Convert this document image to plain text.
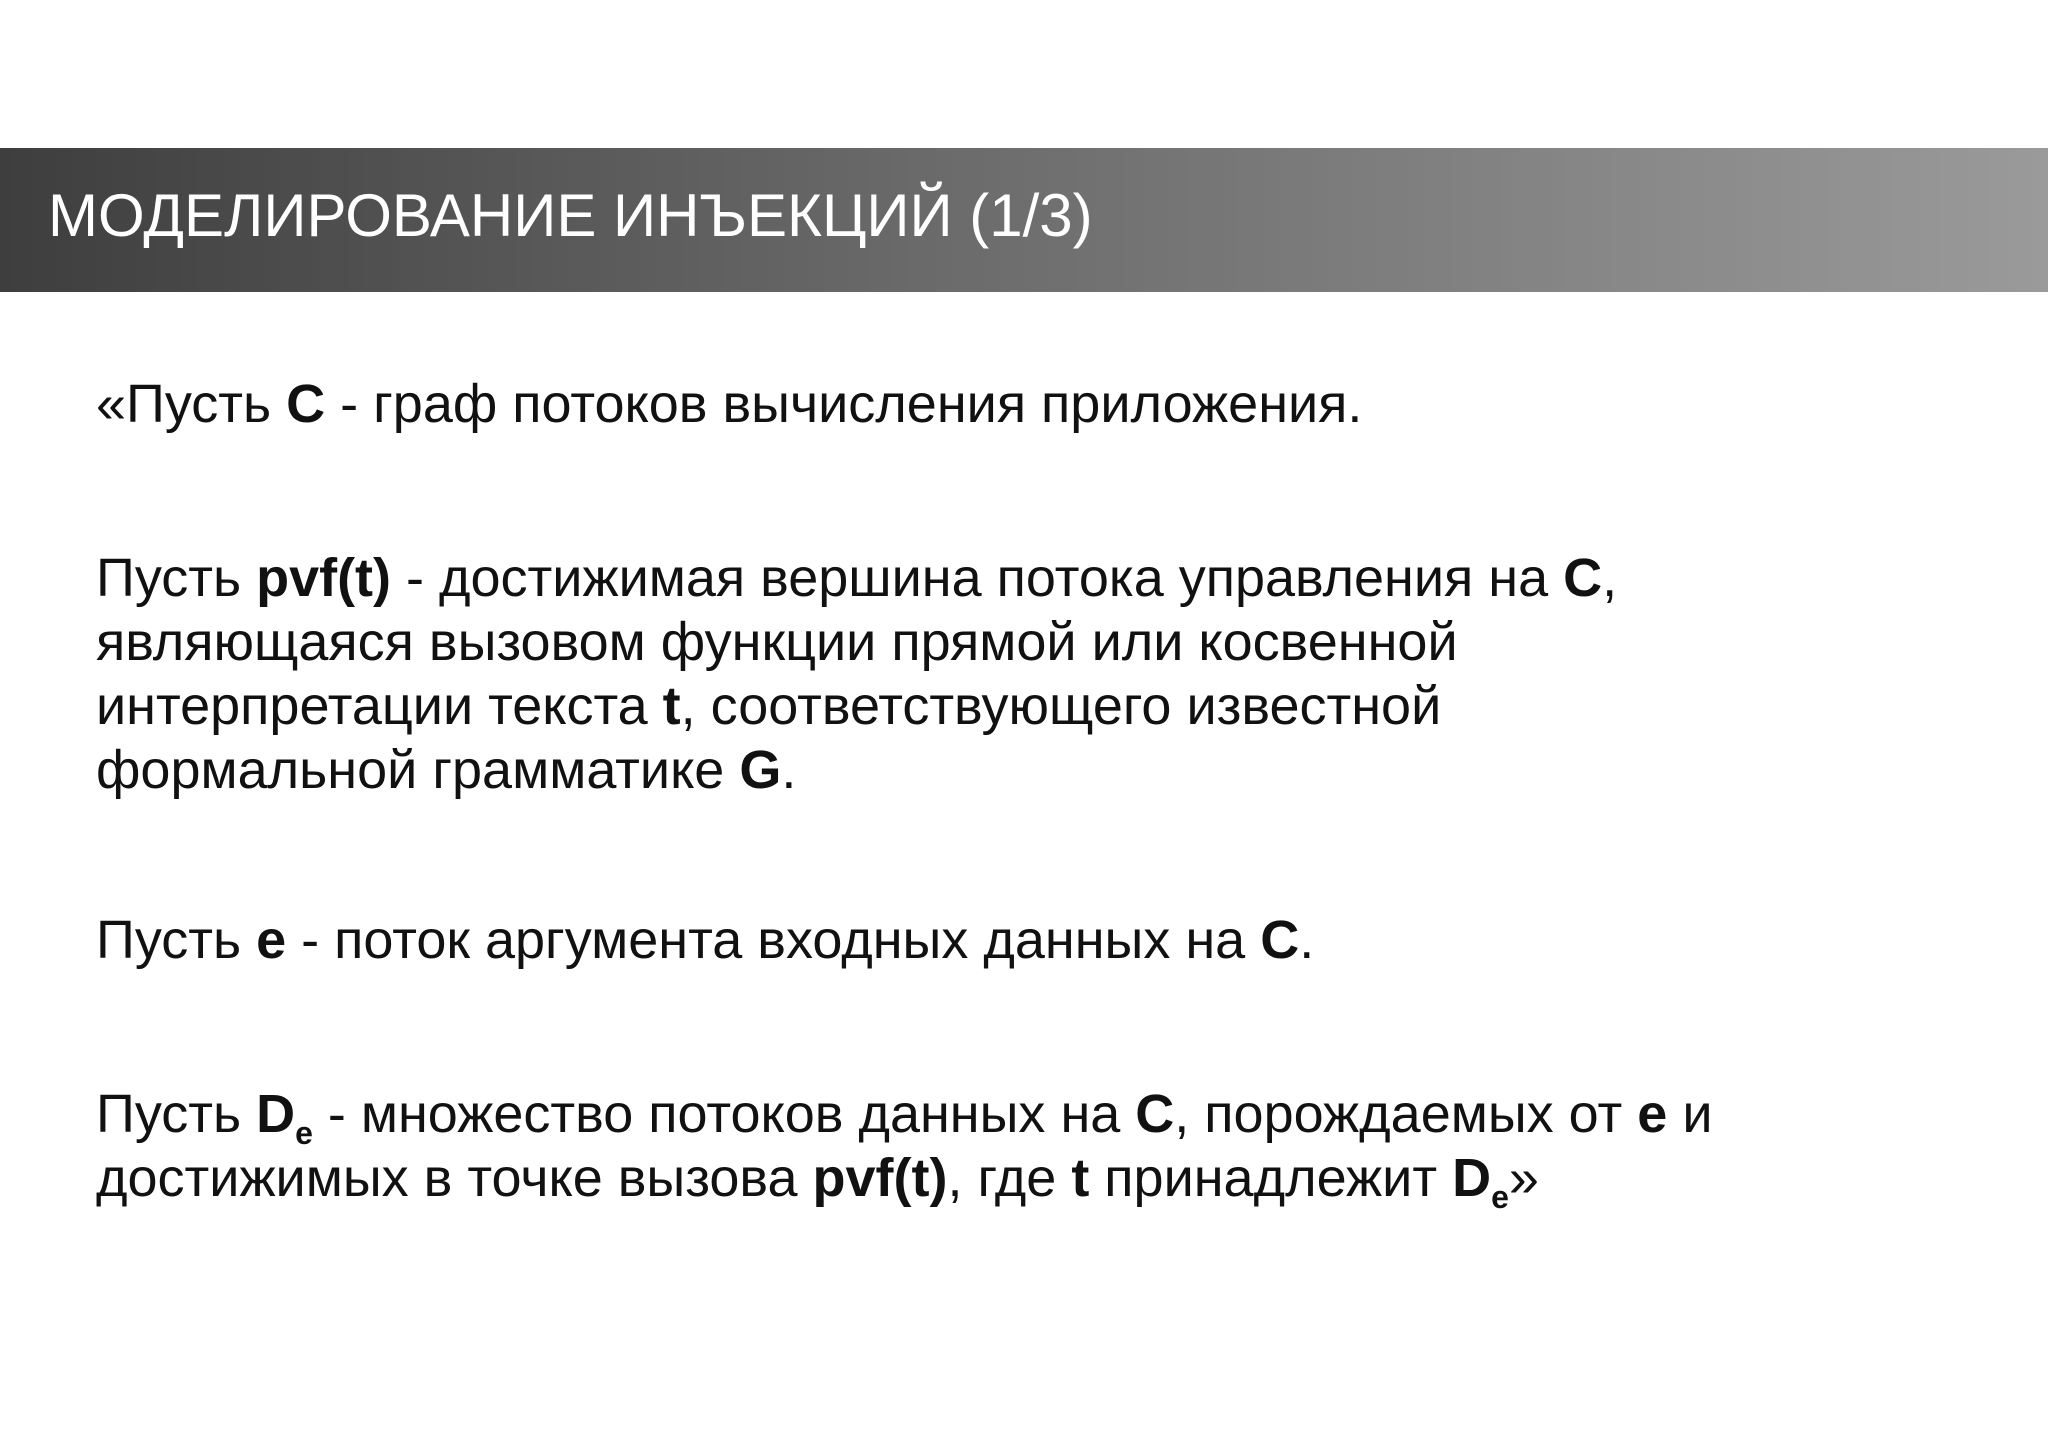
МОДЕЛИРОВАНИЕ ИНЪЕКЦИЙ (1/3)

«Пусть C - граф потоков вычисления приложения.

Пусть pvf(t) - достижимая вершина потока управления на C,
являющаяся вызовом функции прямой или косвенной
интерпретации текста t, соответствующего известной
формальной грамматике G.

Пусть e - поток аргумента входных данных на C.

Пусть $D_e$ - множество потоков данных на C, порождаемых от e и
достижимых в точке вызова pvf(t), где t принадлежит $D_e$»
